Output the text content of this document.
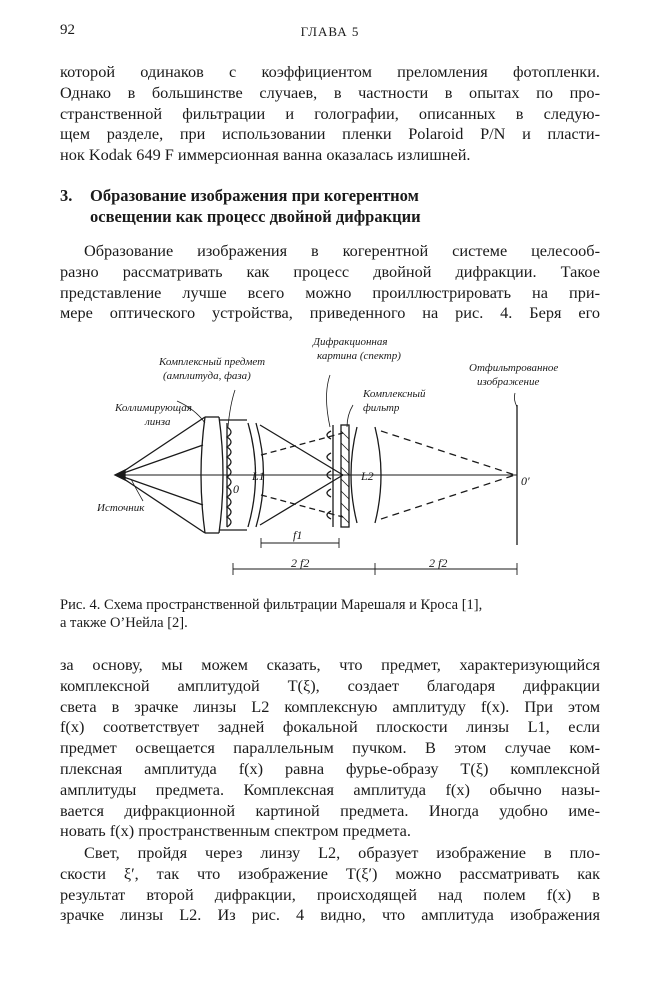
92	ГЛАВА 5
которой одинаков с коэффициентом преломления фотопленки.
Однако в большинстве случаев, в частности в опытах по про-
странственной фильтрации и голографии, описанных в следую-
щем разделе, при использовании пленки Polaroid P/N и пласти-
нок Kodak 649 F иммерсионная ванна оказалась излишней.
3. Образование изображения при когерентном
освещении как процесс двойной дифракции
Образование изображения в когерентной системе целесооб-
разно рассматривать как процесс двойной дифракции. Такое
представление лучше всего можно проиллюстрировать на при-
мере оптического устройства, приведенного на рис. 4. Беря его
Комплексный предмет
(амплитуда, фаза)
Коллимирующая
линза
Источник
Дифракционная
картина (спектр)
Комплексный
фильтр
Отфильтрованное
изображение
0
0′
L1	L2
f1
2 f2	2 f2
Рис. 4. Схема пространственной фильтрации Марешаля и Кроса [1],
а также О’Нейла [2].
за основу, мы можем сказать, что предмет, характеризующийся
комплексной амплитудой T(ξ), создает благодаря дифракции
света в зрачке линзы L2 комплексную амплитуду f(x). При этом
f(x) соответствует задней фокальной плоскости линзы L1, если
предмет освещается параллельным пучком. В этом случае ком-
плексная амплитуда f(x) равна фурье-образу T(ξ) комплексной
амплитуды предмета. Комплексная амплитуда f(x) обычно назы-
вается дифракционной картиной предмета. Иногда удобно име-
новать f(x) пространственным спектром предмета.
Свет, пройдя через линзу L2, образует изображение в пло-
скости ξ′, так что изображение T(ξ′) можно рассматривать как
результат второй дифракции, происходящей над полем f(x) в
зрачке линзы L2. Из рис. 4 видно, что амплитуда изображения
